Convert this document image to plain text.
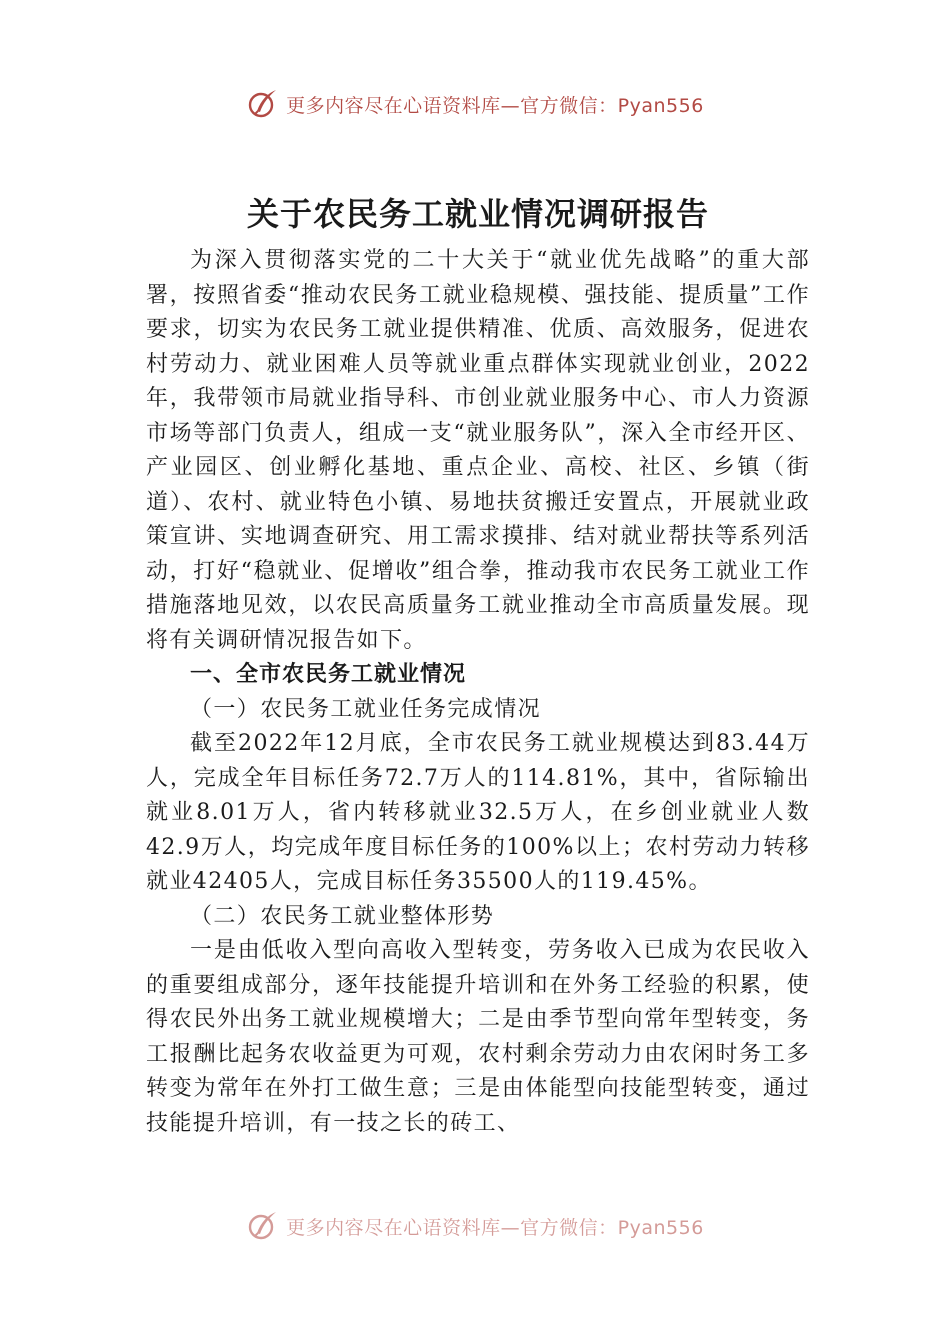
更多内容尽在心语资料库—官方微信：Pyan556
关于农民务工就业情况调研报告

为深入贯彻落实党的二十大关于“就业优先战略”的重大部署，按照省委“推动农民务工就业稳规模、强技能、提质量”工作要求，切实为农民务工就业提供精准、优质、高效服务，促进农村劳动力、就业困难人员等就业重点群体实现就业创业，2022年，我带领市局就业指导科、市创业就业服务中心、市人力资源市场等部门负责人，组成一支“就业服务队”，深入全市经开区、产业园区、创业孵化基地、重点企业、高校、社区、乡镇（街道）、农村、就业特色小镇、易地扶贫搬迁安置点，开展就业政策宣讲、实地调查研究、用工需求摸排、结对就业帮扶等系列活动，打好“稳就业、促增收”组合拳，推动我市农民务工就业工作措施落地见效，以农民高质量务工就业推动全市高质量发展。现将有关调研情况报告如下。

一、全市农民务工就业情况

（一）农民务工就业任务完成情况

截至2022年12月底，全市农民务工就业规模达到83.44万人，完成全年目标任务72.7万人的114.81%，其中，省际输出就业8.01万人，省内转移就业32.5万人，在乡创业就业人数42.9万人，均完成年度目标任务的100%以上；农村劳动力转移就业42405人，完成目标任务35500人的119.45%。

（二）农民务工就业整体形势

一是由低收入型向高收入型转变，劳务收入已成为农民收入的重要组成部分，逐年技能提升培训和在外务工经验的积累，使得农民外出务工就业规模增大；二是由季节型向常年型转变，务工报酬比起务农收益更为可观，农村剩余劳动力由农闲时务工多转变为常年在外打工做生意；三是由体能型向技能型转变，通过技能提升培训，有一技之长的砖工、

更多内容尽在心语资料库—官方微信：Pyan556
